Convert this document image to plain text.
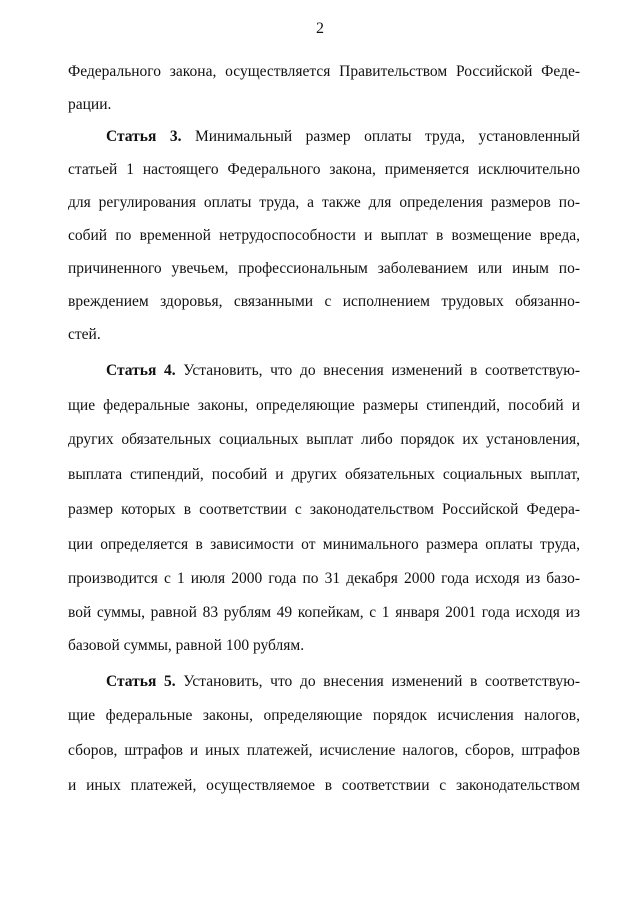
2
Федерального закона, осуществляется Правительством Российской Феде-
рации.
Статья 3. Минимальный размер оплаты труда, установленный
статьей 1 настоящего Федерального закона, применяется исключительно
для регулирования оплаты труда, а также для определения размеров по-
собий по временной нетрудоспособности и выплат в возмещение вреда,
причиненного увечьем, профессиональным заболеванием или иным по-
вреждением здоровья, связанными с исполнением трудовых обязанно-
стей.
Статья 4. Установить, что до внесения изменений в соответствую-
щие федеральные законы, определяющие размеры стипендий, пособий и
других обязательных социальных выплат либо порядок их установления,
выплата стипендий, пособий и других обязательных социальных выплат,
размер которых в соответствии с законодательством Российской Федера-
ции определяется в зависимости от минимального размера оплаты труда,
производится с 1 июля 2000 года по 31 декабря 2000 года исходя из базо-
вой суммы, равной 83 рублям 49 копейкам, с 1 января 2001 года исходя из
базовой суммы, равной 100 рублям.
Статья 5. Установить, что до внесения изменений в соответствую-
щие федеральные законы, определяющие порядок исчисления налогов,
сборов, штрафов и иных платежей, исчисление налогов, сборов, штрафов
и иных платежей, осуществляемое в соответствии с законодательством
